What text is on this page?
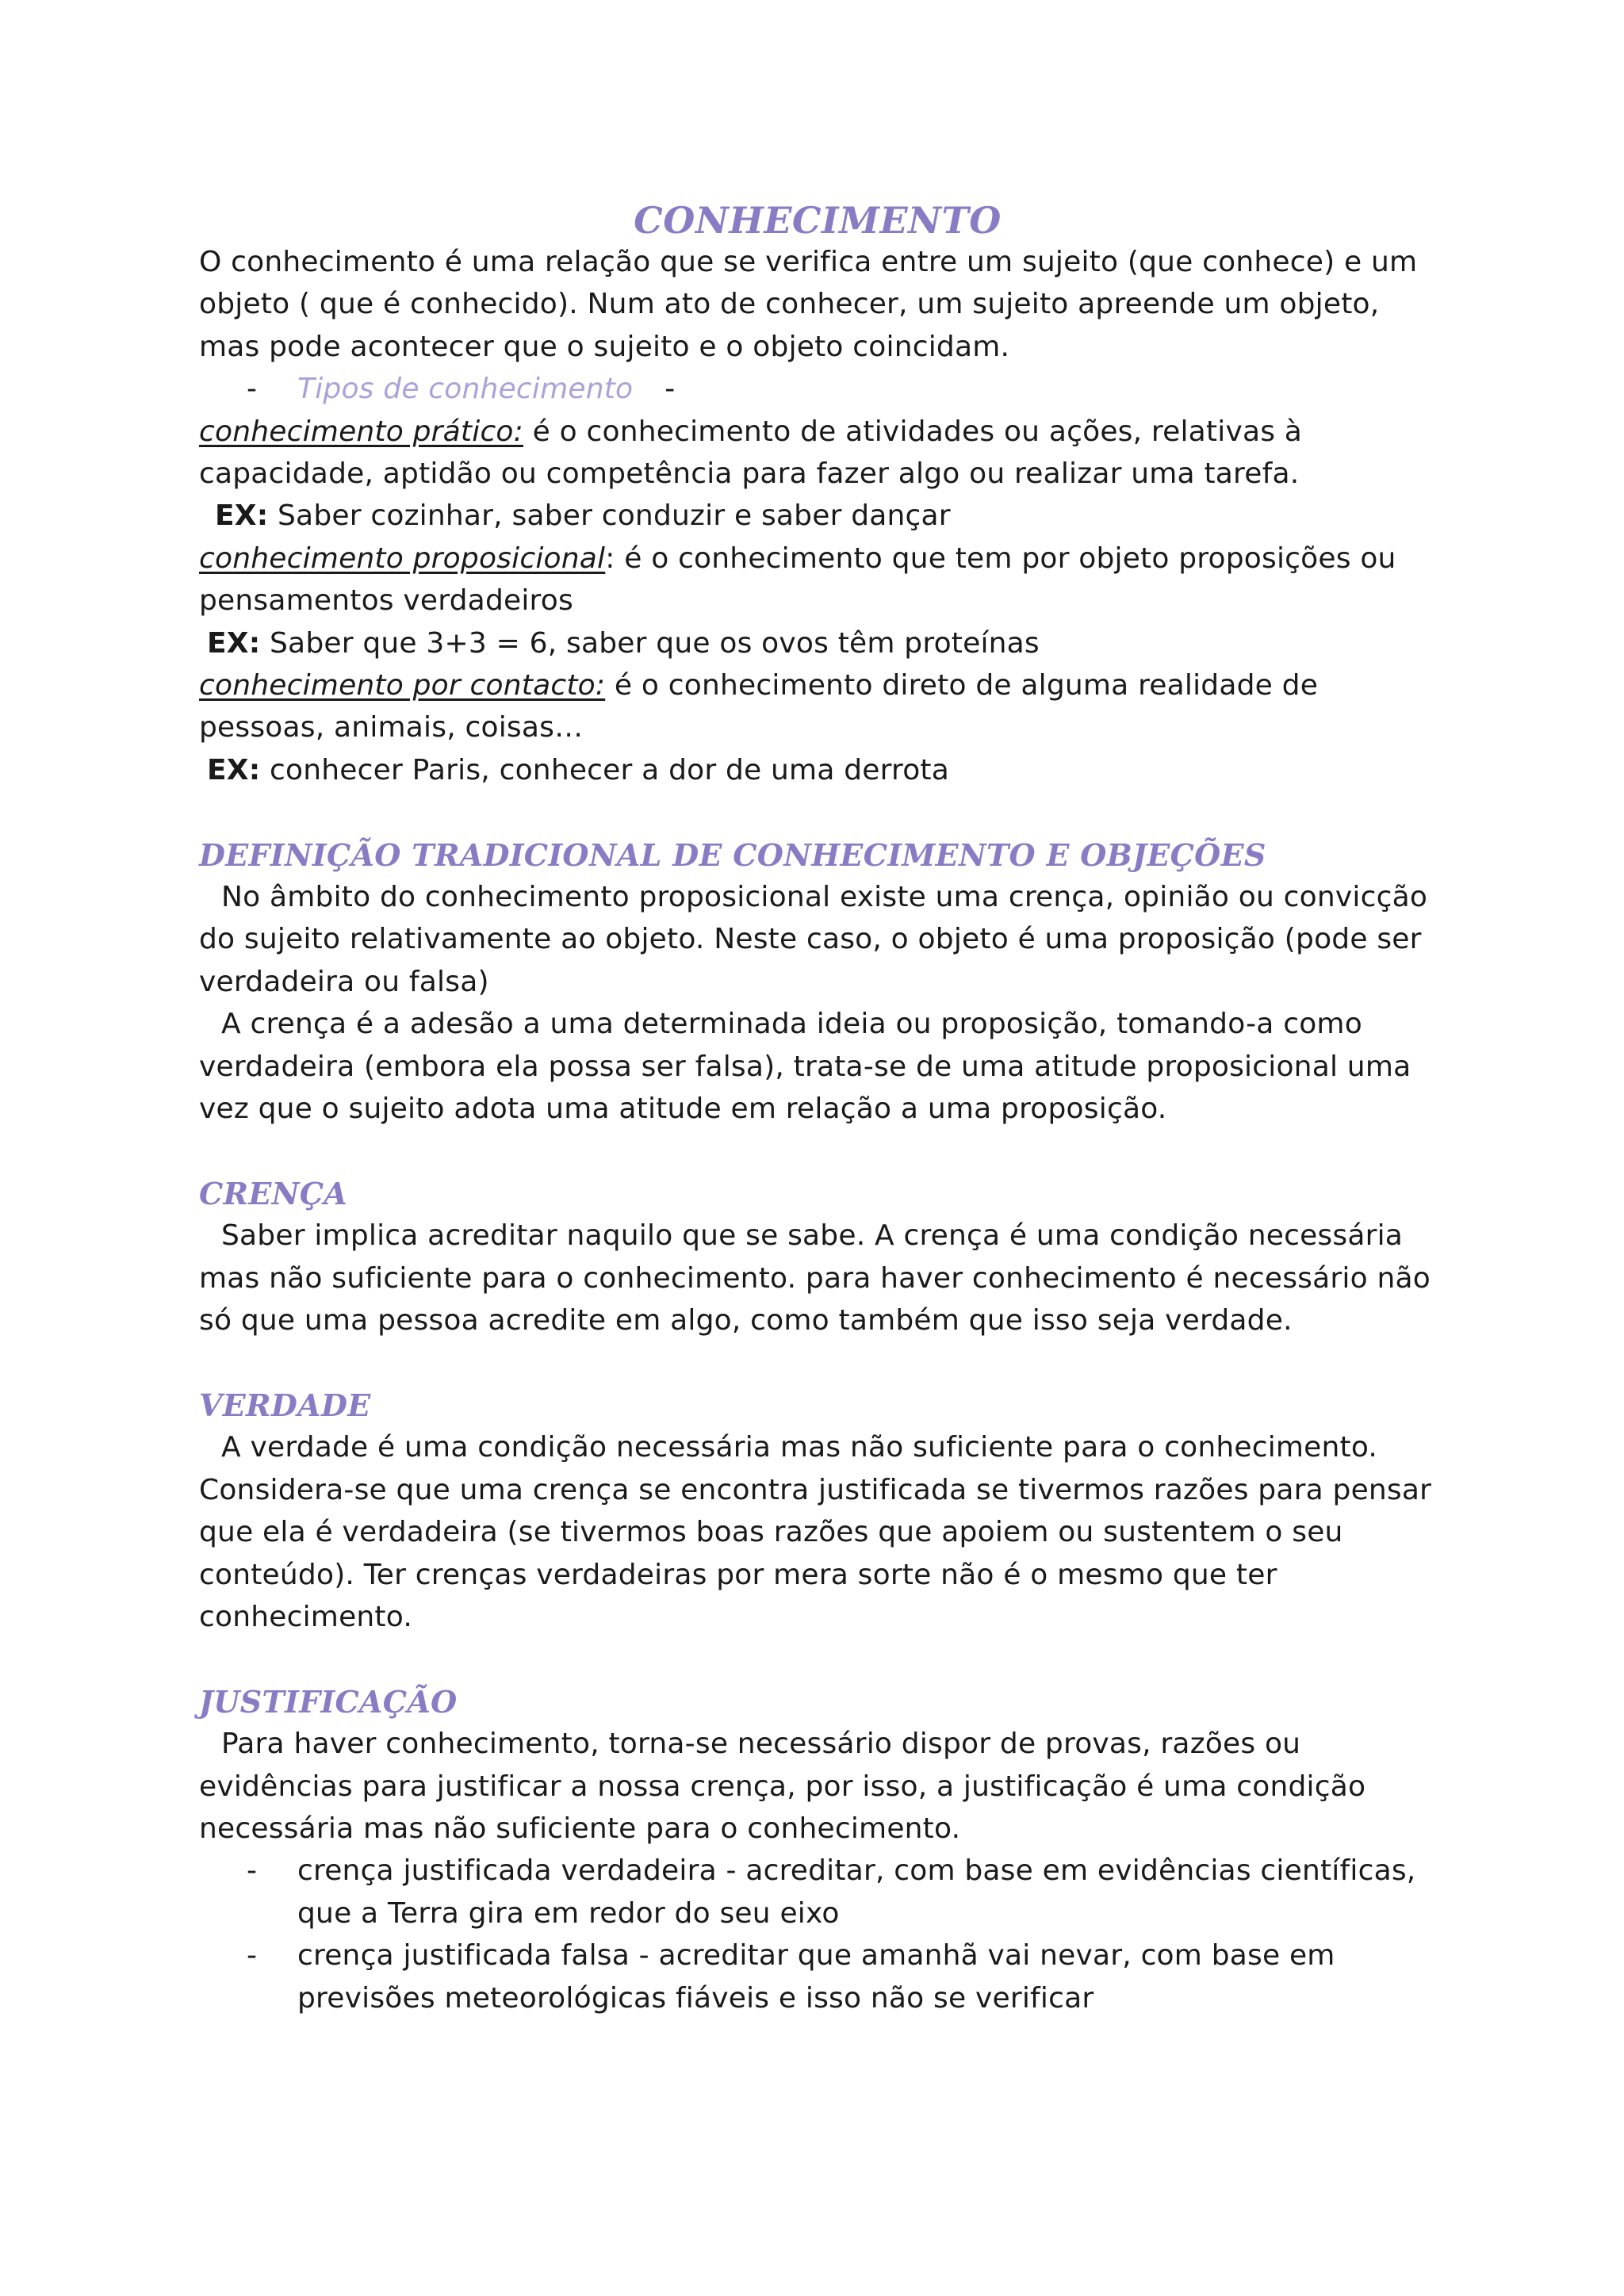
CONHECIMENTO

O conhecimento é uma relação que se verifica entre um sujeito (que conhece) e um objeto ( que é conhecido). Num ato de conhecer, um sujeito apreende um objeto, mas pode acontecer que o sujeito e o objeto coincidam.

-	Tipos de conhecimento -

conhecimento prático: é o conhecimento de atividades ou ações, relativas à capacidade, aptidão ou competência para fazer algo ou realizar uma tarefa.

EX: Saber cozinhar, saber conduzir e saber dançar

conhecimento proposicional: é o conhecimento que tem por objeto proposições ou pensamentos verdadeiros

EX: Saber que 3+3 = 6, saber que os ovos têm proteínas

conhecimento por contacto: é o conhecimento direto de alguma realidade de pessoas, animais, coisas…

EX: conhecer Paris, conhecer a dor de uma derrota

DEFINIÇÃO TRADICIONAL DE CONHECIMENTO E OBJEÇÕES

No âmbito do conhecimento proposicional existe uma crença, opinião ou convicção do sujeito relativamente ao objeto. Neste caso, o objeto é uma proposição (pode ser verdadeira ou falsa)

A crença é a adesão a uma determinada ideia ou proposição, tomando-a como verdadeira (embora ela possa ser falsa), trata-se de uma atitude proposicional uma vez que o sujeito adota uma atitude em relação a uma proposição.

CRENÇA

Saber implica acreditar naquilo que se sabe. A crença é uma condição necessária mas não suficiente para o conhecimento. para haver conhecimento é necessário não só que uma pessoa acredite em algo, como também que isso seja verdade.

VERDADE

A verdade é uma condição necessária mas não suficiente para o conhecimento. Considera-se que uma crença se encontra justificada se tivermos razões para pensar que ela é verdadeira (se tivermos boas razões que apoiem ou sustentem o seu conteúdo). Ter crenças verdadeiras por mera sorte não é o mesmo que ter conhecimento.

JUSTIFICAÇÃO

Para haver conhecimento, torna-se necessário dispor de provas, razões ou evidências para justificar a nossa crença, por isso, a justificação é uma condição necessária mas não suficiente para o conhecimento.

-	crença justificada verdadeira - acreditar, com base em evidências científicas, que a Terra gira em redor do seu eixo
-	crença justificada falsa - acreditar que amanhã vai nevar, com base em previsões meteorológicas fiáveis e isso não se verificar
